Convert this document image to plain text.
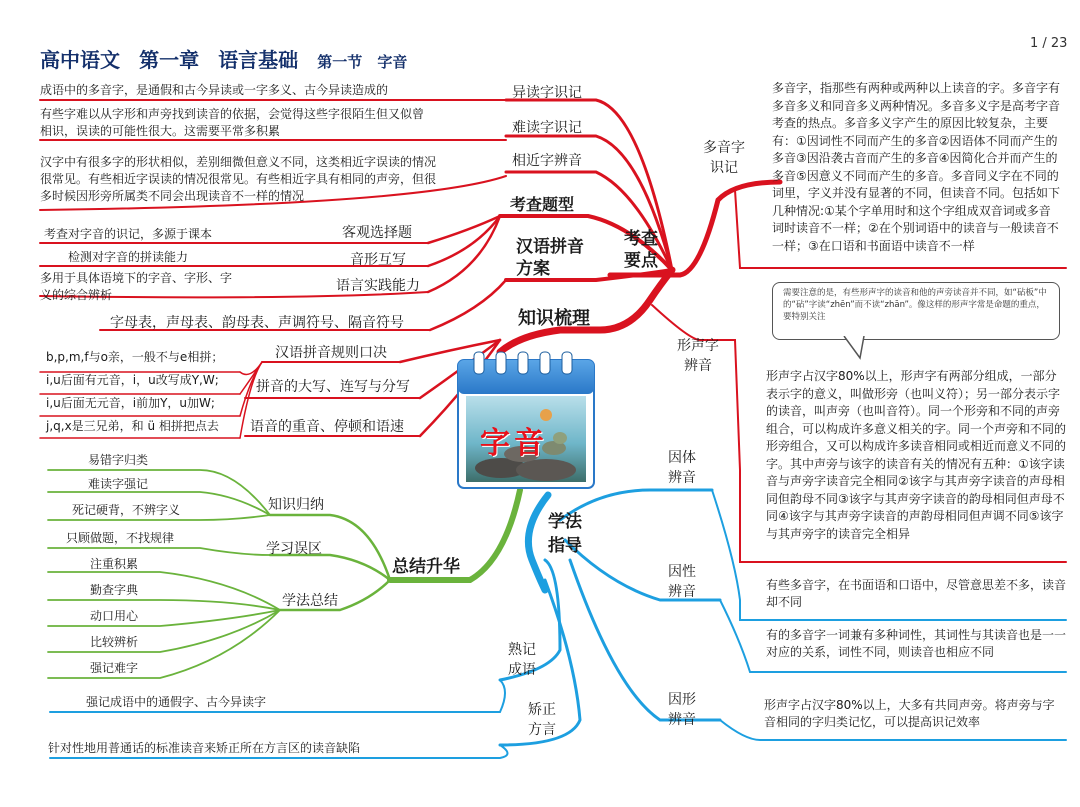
1 / 23
高中语文 第一章 语言基础 第一节 字音
成语中的多音字，是通假和古今异读或一字多义、古今异读造成的	异读字识记
有些字难以从字形和声旁找到读音的依据，会觉得这些字很陌生但又似曾相识，误读的可能性很大。这需要平常多积累	难读字识记
汉字中有很多字的形状相似，差别细微但意义不同，这类相近字误读的情况很常见。有些相近字误读的情况很常见。有些相近字具有相同的声旁，但很多时候因形旁所属类不同会出现读音不一样的情况
相近字辨音
考查题型
考查对字音的识记，多源于课本	客观选择题
检测对字音的拼读能力	音形互写
多用于具体语境下的字音、字形、字义的综合辨析
语言实践能力
考查要点
汉语拼音方案
字母表，声母表、韵母表、声调符号、隔音符号	知识梳理
b,p,m,f与o亲，一般不与e相拼；
i,u后面有元音，i，u改写成Y,W;
i,u后面无元音，i前加Y，u加W;
j,q,x是三兄弟，和 ü 相拼把点去
汉语拼音规则口决
拼音的大写、连写与分写
语音的重音、停顿和语速	字音
总结升华
知识归纳
学习误区
学法总结
易错字归类
难读字强记
死记硬背，不辨字义
只顾做题，不找规律
注重积累
勤查字典
动口用心
比较辨析
强记难字
学法指导
熟记成语
矫正方言
强记成语中的通假字、古今异读字
针对性地用普通话的标准读音来矫正所在方言区的读音缺陷
因体辨音
因性辨音
因形辨音
有些多音字，在书面语和口语中，尽管意思差不多，读音却不同
有的多音字一词兼有多种词性，其词性与其读音也是一一对应的关系，词性不同，则读音也相应不同
形声字占汉字80%以上，大多有共同声旁。将声旁与字音相同的字归类记忆，可以提高识记效率
多音字识记
多音字，指那些有两种或两种以上读音的字。多音字有多音多义和同音多义两种情况。多音多义字是高考字音考查的热点。多音多义字产生的原因比较复杂，主要有：①因词性不同而产生的多音②因语体不同而产生的多音③因沿袭古音而产生的多音④因简化合并而产生的多音⑤因意义不同而产生的多音。多音同义字在不同的词里，字义并没有显著的不同，但读音不同。包括如下几种情况:①某个字单用时和这个字组成双音词或多音词时读音不一样；②在个别词语中的读音与一般读音不一样；③在口语和书面语中读音不一样
需要注意的是，有些形声字的读音和他的声旁读音并不同，如“砧板”中的“砧”字读“zhēn”而不读“zhān”。像这样的形声字常是命题的重点，要特别关注
形声字辨音
形声字占汉字80%以上，形声字有两部分组成，一部分表示字的意义，叫做形旁（也叫义符）；另一部分表示字的读音，叫声旁（也叫音符）。同一个形旁和不同的声旁组合，可以构成许多意义相关的字。同一个声旁和不同的形旁组合，又可以构成许多读音相同或相近而意义不同的字。其中声旁与该字的读音有关的情况有五种：①该字读音与声旁字读音完全相同②该字与其声旁字读音的声母相同但韵母不同③该字与其声旁字读音的韵母相同但声母不同④该字与其声旁字读音的声韵母相同但声调不同⑤该字与其声旁字的读音完全相异
